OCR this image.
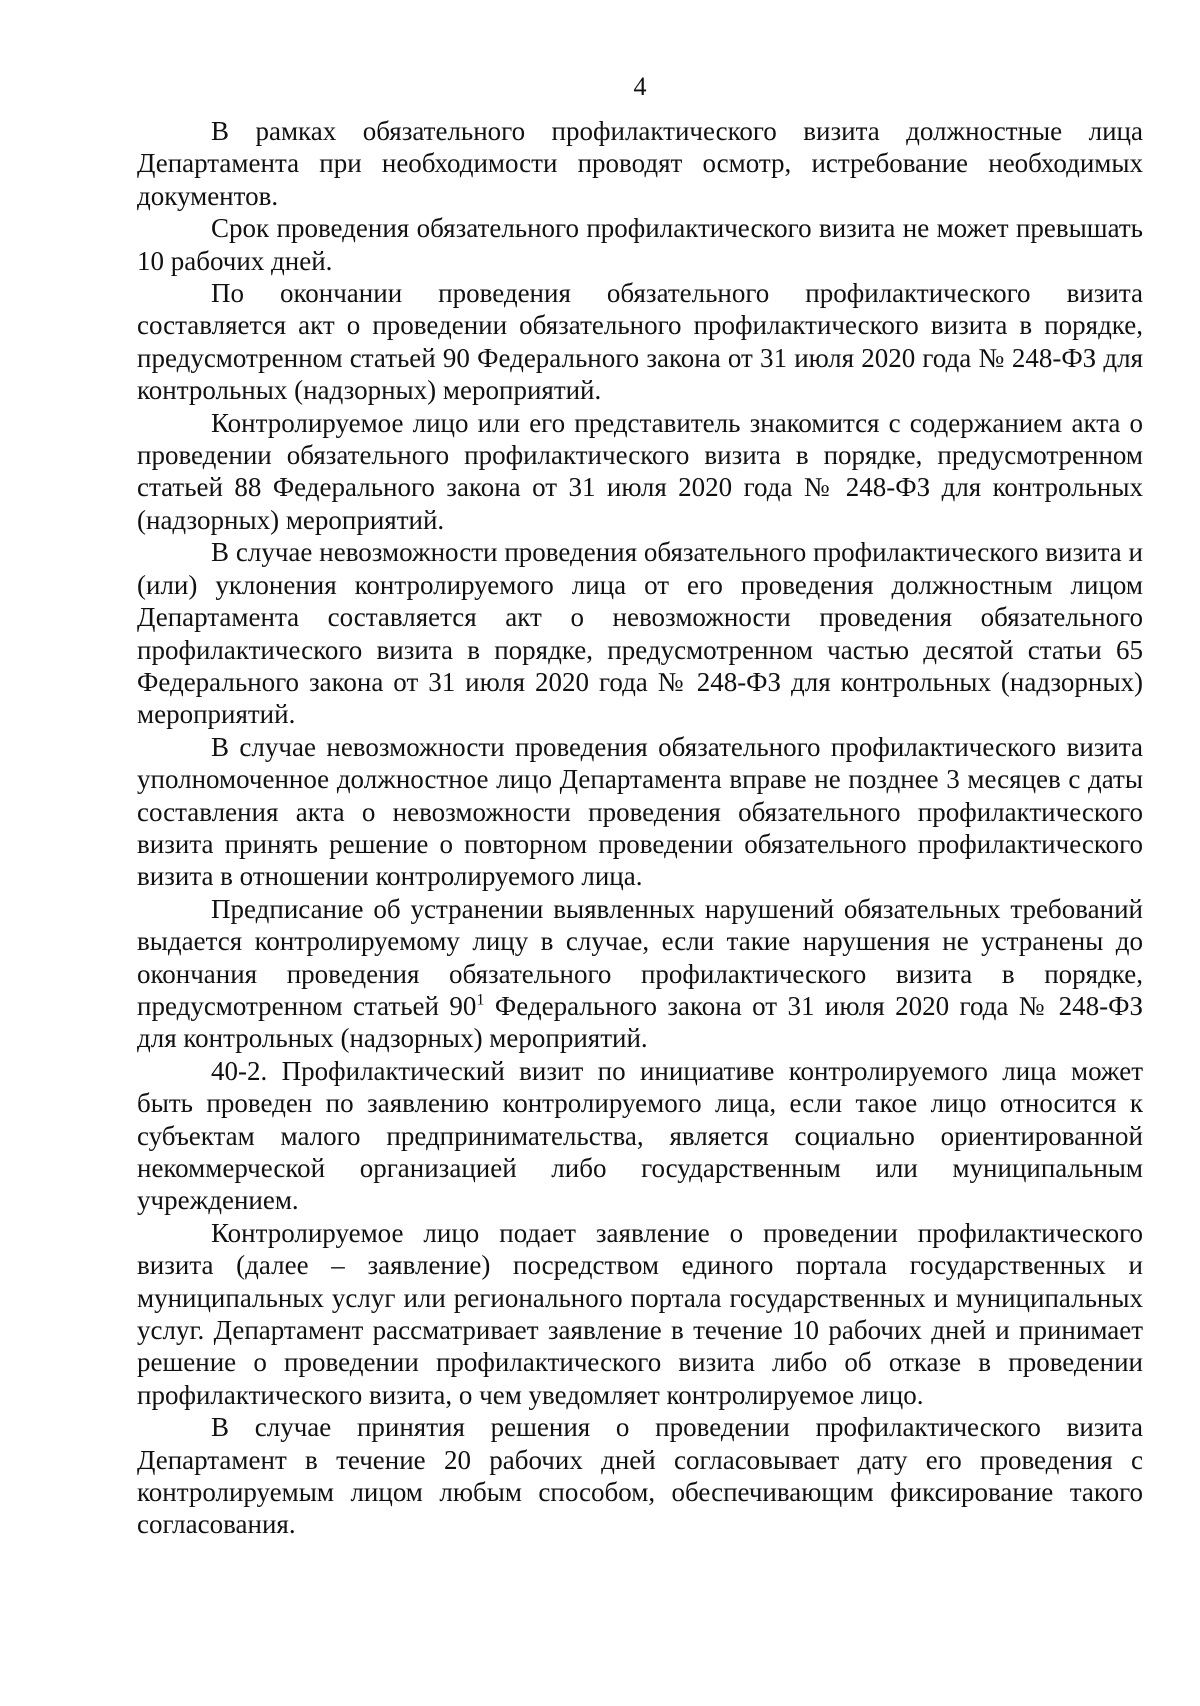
4

В рамках обязательного профилактического визита должностные лица Департамента при необходимости проводят осмотр, истребование необходимых документов.

Срок проведения обязательного профилактического визита не может превышать 10 рабочих дней.

По окончании проведения обязательного профилактического визита составляется акт о проведении обязательного профилактического визита в порядке, предусмотренном статьей 90 Федерального закона от 31 июля 2020 года № 248-ФЗ для контрольных (надзорных) мероприятий.

Контролируемое лицо или его представитель знакомится с содержанием акта о проведении обязательного профилактического визита в порядке, предусмотренном статьей 88 Федерального закона от 31 июля 2020 года № 248-ФЗ для контрольных (надзорных) мероприятий.

В случае невозможности проведения обязательного профилактического визита и (или) уклонения контролируемого лица от его проведения должностным лицом Департамента составляется акт о невозможности проведения обязательного профилактического визита в порядке, предусмотренном частью десятой статьи 65 Федерального закона от 31 июля 2020 года № 248-ФЗ для контрольных (надзорных) мероприятий.

В случае невозможности проведения обязательного профилактического визита уполномоченное должностное лицо Департамента вправе не позднее 3 месяцев с даты составления акта о невозможности проведения обязательного профилактического визита принять решение о повторном проведении обязательного профилактического визита в отношении контролируемого лица.

Предписание об устранении выявленных нарушений обязательных требований выдается контролируемому лицу в случае, если такие нарушения не устранены до окончания проведения обязательного профилактического визита в порядке, предусмотренном статьей $90^1$ Федерального закона от 31 июля 2020 года № 248-ФЗ для контрольных (надзорных) мероприятий.

40-2. Профилактический визит по инициативе контролируемого лица может быть проведен по заявлению контролируемого лица, если такое лицо относится к субъектам малого предпринимательства, является социально ориентированной некоммерческой организацией либо государственным или муниципальным учреждением.

Контролируемое лицо подает заявление о проведении профилактического визита (далее – заявление) посредством единого портала государственных и муниципальных услуг или регионального портала государственных и муниципальных услуг. Департамент рассматривает заявление в течение 10 рабочих дней и принимает решение о проведении профилактического визита либо об отказе в проведении профилактического визита, о чем уведомляет контролируемое лицо.

В случае принятия решения о проведении профилактического визита Департамент в течение 20 рабочих дней согласовывает дату его проведения с контролируемым лицом любым способом, обеспечивающим фиксирование такого согласования.
